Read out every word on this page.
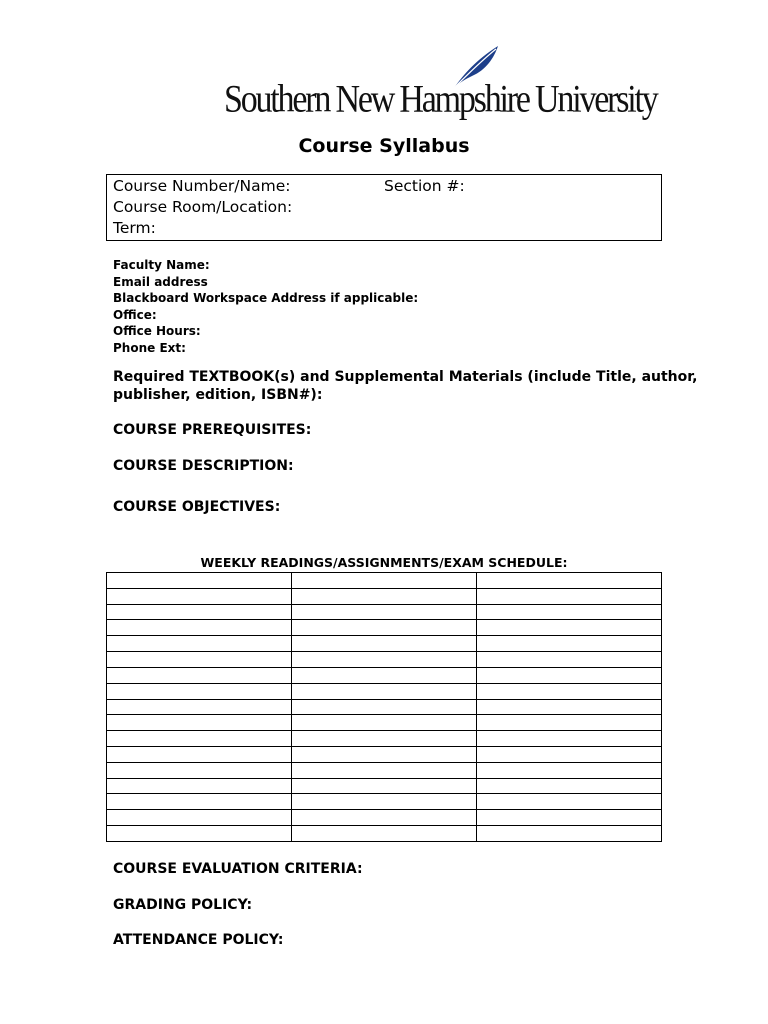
Southern New Hampshire University
Course Syllabus
Course Number/Name:	Section #:
Course Room/Location:
Term:
Faculty Name:
Email address
Blackboard Workspace Address if applicable:
Office:
Office Hours:
Phone Ext:
Required TEXTBOOK(s) and Supplemental Materials (include Title, author,
publisher, edition, ISBN#):
COURSE PREREQUISITES:
COURSE DESCRIPTION:
COURSE OBJECTIVES:
WEEKLY READINGS/ASSIGNMENTS/EXAM SCHEDULE:

COURSE EVALUATION CRITERIA:
GRADING POLICY:
ATTENDANCE POLICY:
